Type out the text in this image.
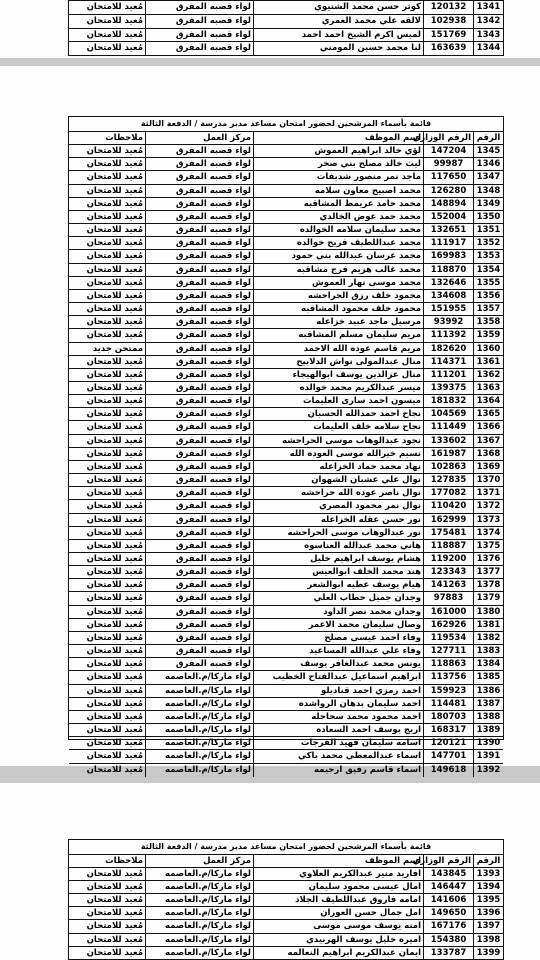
1341
120132
كوثر حسن محمد الشتيوي
لواء قصبه المفرق
مُعيد للامتحان
1342
102938
لالقه علي محمد العمري
لواء قصبه المفرق
مُعيد للامتحان
1343
151769
لميس اكرم الشيخ احمد احمد
لواء قصبه المفرق
مُعيد للامتحان
1344
163639
لنا محمد حسين المومني
لواء قصبه المفرق
مُعيد للامتحان
قائمة بأسماء المرشحين لحضور امتحان مساعد مدير مدرسة / الدفعة الثالثة
الرقم
الرقم الوزاري
اسم الموظف
مركز العمل
ملاحظات
1345
147204
لؤي خالد ابراهيم العموش
لواء قصبه المفرق
مُعيد للامتحان
1346
99987
ليث خالد مصلح بني صخر
لواء قصبه المفرق
مُعيد للامتحان
1347
117650
ماجد نمر منصور شديفات
لواء قصبه المفرق
مُعيد للامتحان
1348
126280
محمد اصبيح معاون سلامه
لواء قصبه المفرق
مُعيد للامتحان
1349
148894
محمد حامد عريمط المشاقبه
لواء قصبه المفرق
مُعيد للامتحان
1350
152004
محمد حمد عوض الخالدي
لواء قصبه المفرق
مُعيد للامتحان
1351
132651
محمد سليمان سلامه الخوالده
لواء قصبه المفرق
مُعيد للامتحان
1352
111917
محمد عبداللطيف فريح خوالده
لواء قصبه المفرق
مُعيد للامتحان
1353
169983
محمد عرسان عبدالله بني حمود
لواء قصبه المفرق
مُعيد للامتحان
1354
118870
محمد غالب هزيم فرج مشاقبه
لواء قصبه المفرق
مُعيد للامتحان
1355
132646
محمد موسى نهار العموش
لواء قصبه المفرق
مُعيد للامتحان
1356
134608
محمود خلف رزق الحراحشه
لواء قصبه المفرق
مُعيد للامتحان
1357
151955
محمود خلف محمود المشاقبه
لواء قصبه المفرق
مُعيد للامتحان
1358
93992
مرسيل ماجد عبيد خزاعله
لواء قصبه المفرق
مُعيد للامتحان
1359
111392
مريم سليمان مسلم المشاقبه
لواء قصبه المفرق
مُعيد للامتحان
1360
182620
مريم قاسم عوده الله الاحمد
لواء قصبه المفرق
ممتحن جديد
1361
114371
منال عبدالمولى نواش الدلابيح
لواء قصبه المفرق
مُعيد للامتحان
1362
111201
منال عزالدين يوسف ابوالهيجاء
لواء قصبه المفرق
مُعيد للامتحان
1363
139375
ميسر عبدالكريم محمد خوالده
لواء قصبه المفرق
مُعيد للامتحان
1364
181832
ميسون احمد سارى العليمات
لواء قصبه المفرق
مُعيد للامتحان
1365
104569
نجاح احمد حمدالله الحسبان
لواء قصبه المفرق
مُعيد للامتحان
1366
111449
نجاح سلامه خلف العليمات
لواء قصبه المفرق
مُعيد للامتحان
1367
133602
نجود عبدالوهاب موسى الحراحشه
لواء قصبه المفرق
مُعيد للامتحان
1368
161987
نسيم خيرالله موسى العوده الله
لواء قصبه المفرق
مُعيد للامتحان
1369
102863
نهاد محمد حماد الخزاعله
لواء قصبه المفرق
مُعيد للامتحان
1370
127835
نوال علي عشبان الشهوان
لواء قصبه المفرق
مُعيد للامتحان
1371
177082
نوال ناصر عوده الله حراحشه
لواء قصبه المفرق
مُعيد للامتحان
1372
110420
نوال نمر محمود المصري
لواء قصبه المفرق
مُعيد للامتحان
1373
162999
نور حسن عقله الخزاعله
لواء قصبه المفرق
مُعيد للامتحان
1374
175481
نور عبدالوهاب موسى الحراحشه
لواء قصبه المفرق
مُعيد للامتحان
1375
118887
هاني محمد عبدالله العناسوه
لواء قصبه المفرق
مُعيد للامتحان
1376
119200
هشام يوسف ابراهيم خليل
لواء قصبه المفرق
مُعيد للامتحان
1377
123343
هند محمد الخلف ابوالعيس
لواء قصبه المفرق
مُعيد للامتحان
1378
141263
هيام يوسف عطيه ابوالشعر
لواء قصبه المفرق
مُعيد للامتحان
1379
97883
وجدان جميل حطاب العلي
لواء قصبه المفرق
مُعيد للامتحان
1380
161000
وجدان محمد نصر الداود
لواء قصبه المفرق
مُعيد للامتحان
1381
162926
وصال سليمان محمد الاعمر
لواء قصبه المفرق
مُعيد للامتحان
1382
119534
وفاء احمد عيسى مصلح
لواء قصبه المفرق
مُعيد للامتحان
1383
127711
وفاء علي عبدالله المساعيد
لواء قصبه المفرق
مُعيد للامتحان
1384
118863
يونس محمد عبدالغافر يوسف
لواء قصبه المفرق
مُعيد للامتحان
1385
113756
ابراهيم اسماعيل عبدالفتاح الخطيب
لواء ماركا/م.العاصمه
مُعيد للامتحان
1386
159923
احمد رمزي احمد قناديلو
لواء ماركا/م.العاصمه
مُعيد للامتحان
1387
114481
احمد سليمان بدهان الرواشده
لواء ماركا/م.العاصمه
مُعيد للامتحان
1388
180703
احمد محمود محمد سحاحله
لواء ماركا/م.العاصمه
مُعيد للامتحان
1389
168317
اريج يوسف احمد السعاده
لواء ماركا/م.العاصمه
مُعيد للامتحان
1390
120121
اسامه سليمان فهيد الفرجات
لواء ماركا/م.العاصمه
مُعيد للامتحان
1391
147701
اسماء عبدالمعطي محمد باكي
لواء ماركا/م.العاصمه
مُعيد للامتحان
1392
149618
اسماء قاسم رفيق ارحيمه
لواء ماركا/م.العاصمه
مُعيد للامتحان
قائمة بأسماء المرشحين لحضور امتحان مساعد مدير مدرسة / الدفعة الثالثة
الرقم
الرقم الوزاري
اسم الموظف
مركز العمل
ملاحظات
1393
143845
افاريد منير عبدالكريم العلاوي
لواء ماركا/م.العاصمه
مُعيد للامتحان
1394
146447
امال عيسى محمود سليمان
لواء ماركا/م.العاصمه
مُعيد للامتحان
1395
141606
امامه فاروق عبداللطيف الجلاد
لواء ماركا/م.العاصمه
مُعيد للامتحان
1396
149650
امل جمال حسن العوران
لواء ماركا/م.العاصمه
مُعيد للامتحان
1397
167176
امنه يوسف موسى موسى
لواء ماركا/م.العاصمه
مُعيد للامتحان
1398
154380
اميره خليل يوسف الهربيدي
لواء ماركا/م.العاصمه
مُعيد للامتحان
1399
133787
ايمان عبدالكريم ابراهيم النعالمه
لواء ماركا/م.العاصمه
مُعيد للامتحان
